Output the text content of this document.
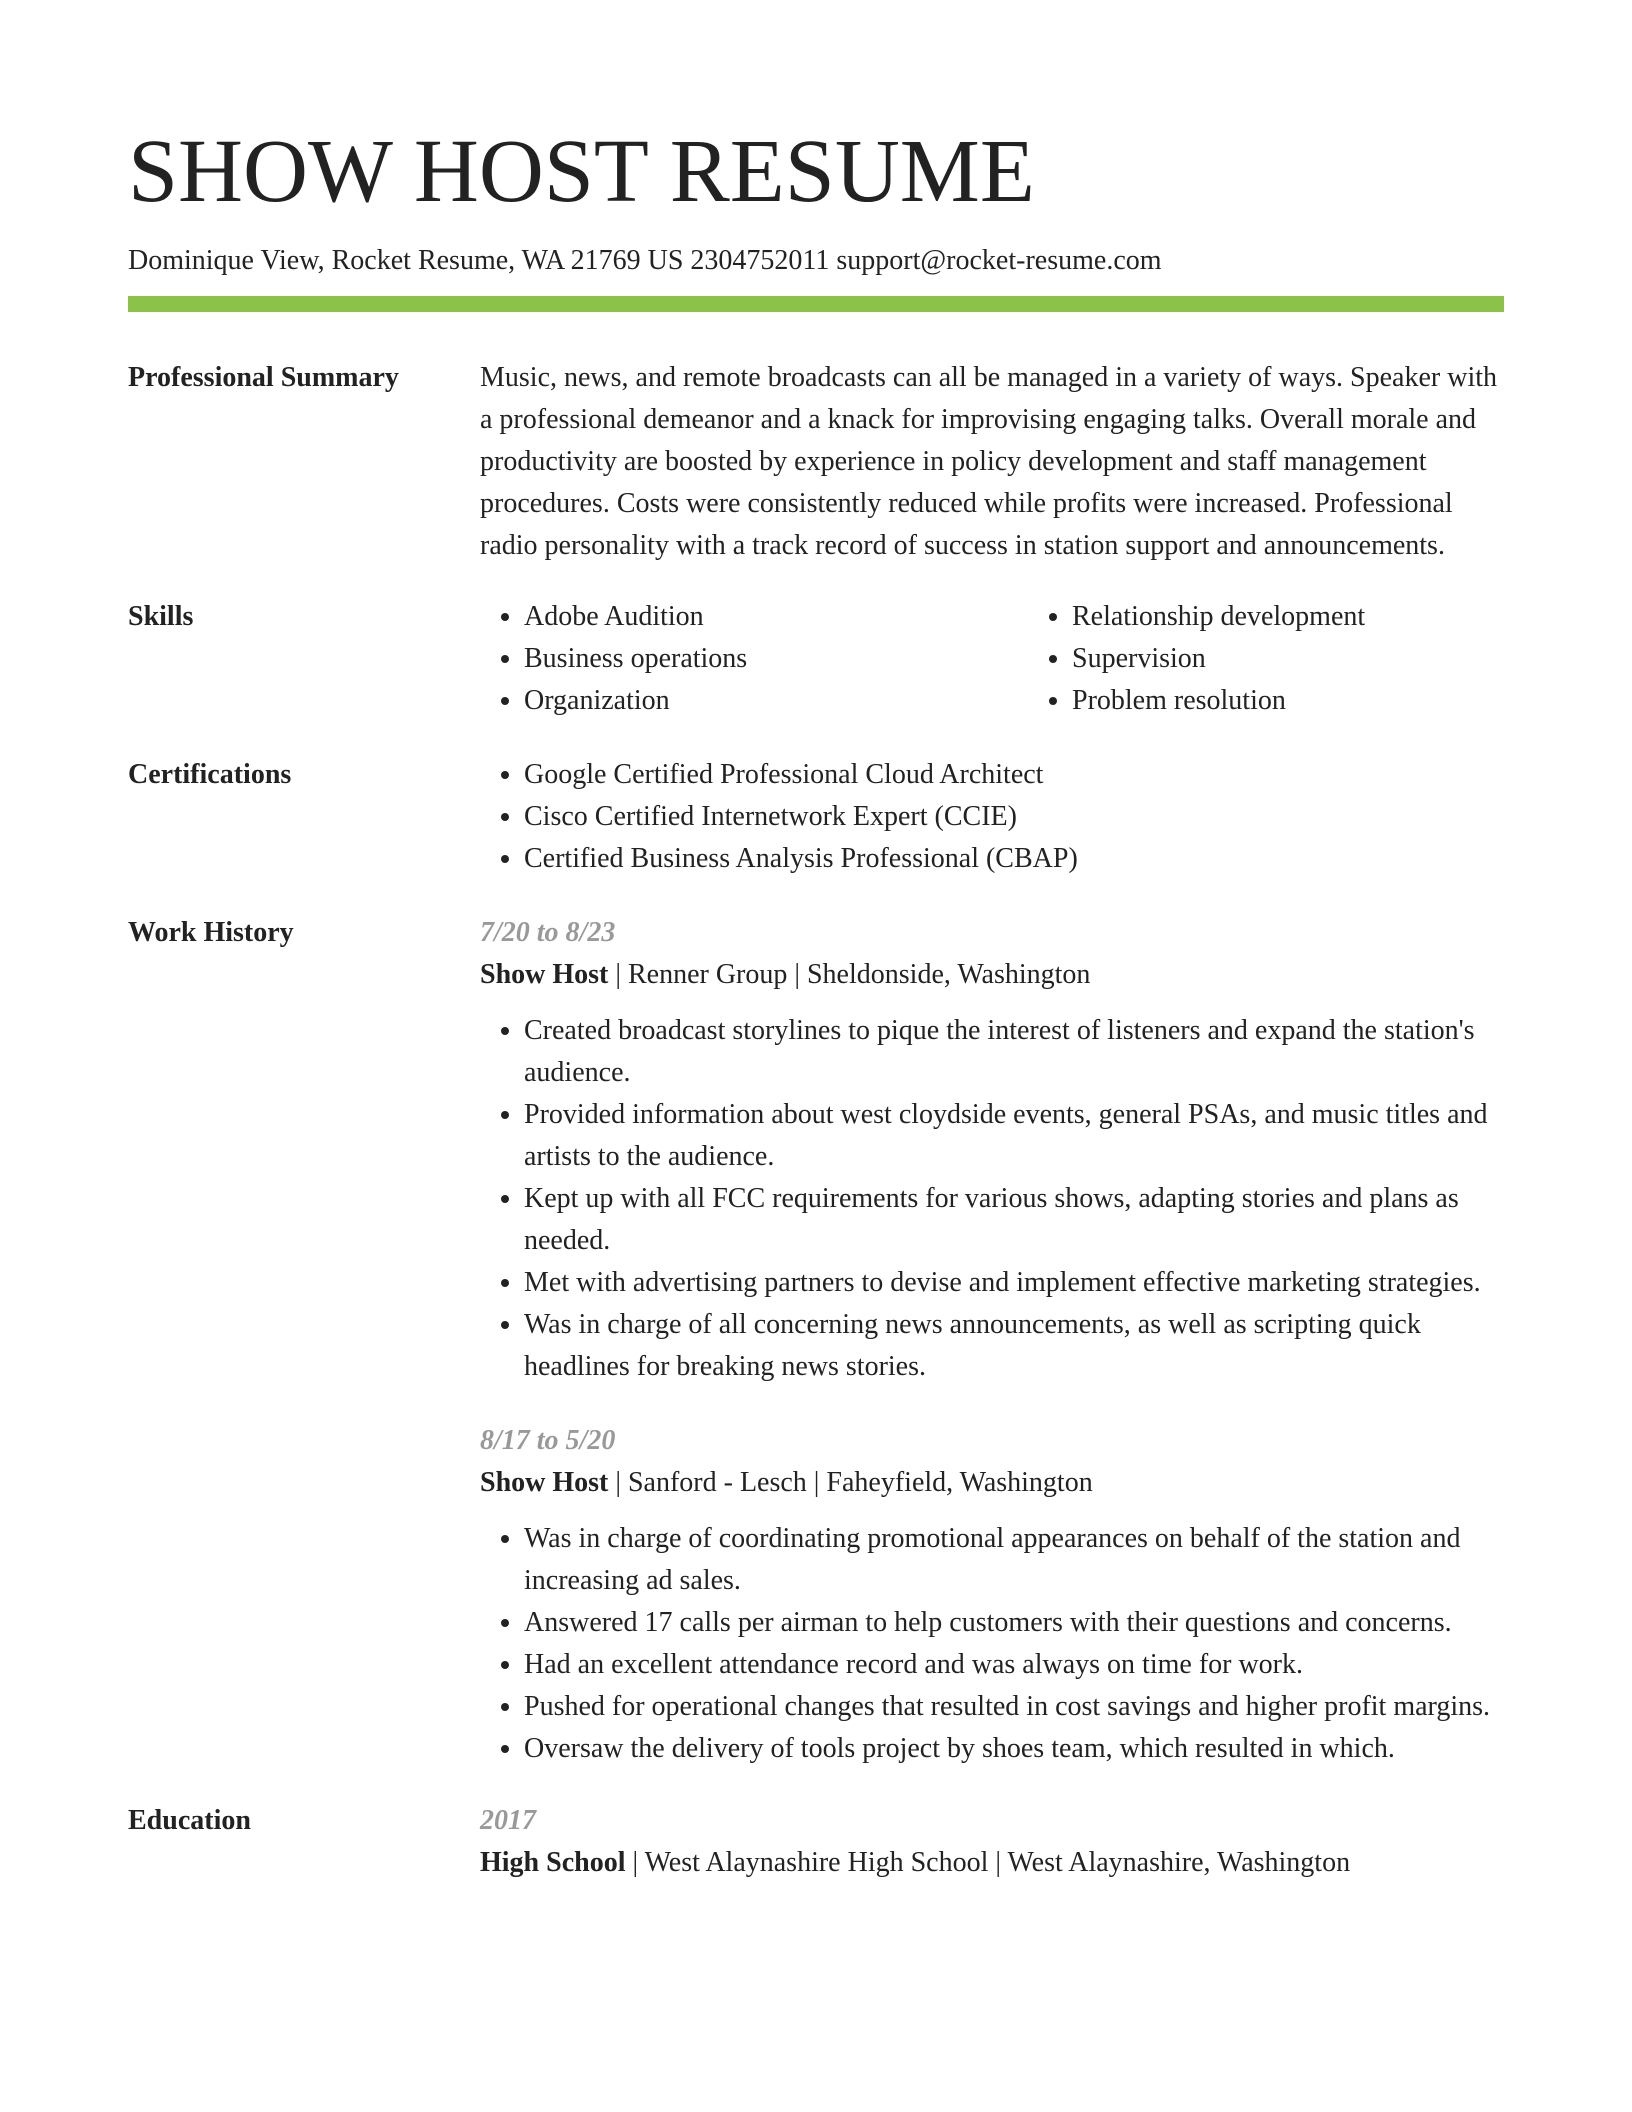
SHOW HOST RESUME
Dominique View, Rocket Resume, WA 21769 US 2304752011 support@rocket-resume.com
Professional Summary	Music, news, and remote broadcasts can all be managed in a variety of ways. Speaker with a professional demeanor and a knack for improvising engaging talks. Overall morale and productivity are boosted by experience in policy development and staff management procedures. Costs were consistently reduced while profits were increased. Professional radio personality with a track record of success in station support and announcements.

Skills	• Adobe Audition
• Business operations
• Organization
• Relationship development
• Supervision
• Problem resolution
Certifications	• Google Certified Professional Cloud Architect
• Cisco Certified Internetwork Expert (CCIE)
• Certified Business Analysis Professional (CBAP)
Work History	7/20 to 8/23
Show Host | Renner Group | Sheldonside, Washington
• Created broadcast storylines to pique the interest of listeners and expand the station's audience.
• Provided information about west cloydside events, general PSAs, and music titles and artists to the audience.
• Kept up with all FCC requirements for various shows, adapting stories and plans as needed.
• Met with advertising partners to devise and implement effective marketing strategies.
• Was in charge of all concerning news announcements, as well as scripting quick headlines for breaking news stories.
8/17 to 5/20
Show Host | Sanford - Lesch | Faheyfield, Washington
• Was in charge of coordinating promotional appearances on behalf of the station and increasing ad sales.
• Answered 17 calls per airman to help customers with their questions and concerns.
• Had an excellent attendance record and was always on time for work.
• Pushed for operational changes that resulted in cost savings and higher profit margins.
• Oversaw the delivery of tools project by shoes team, which resulted in which.
Education	2017
High School | West Alaynashire High School | West Alaynashire, Washington
